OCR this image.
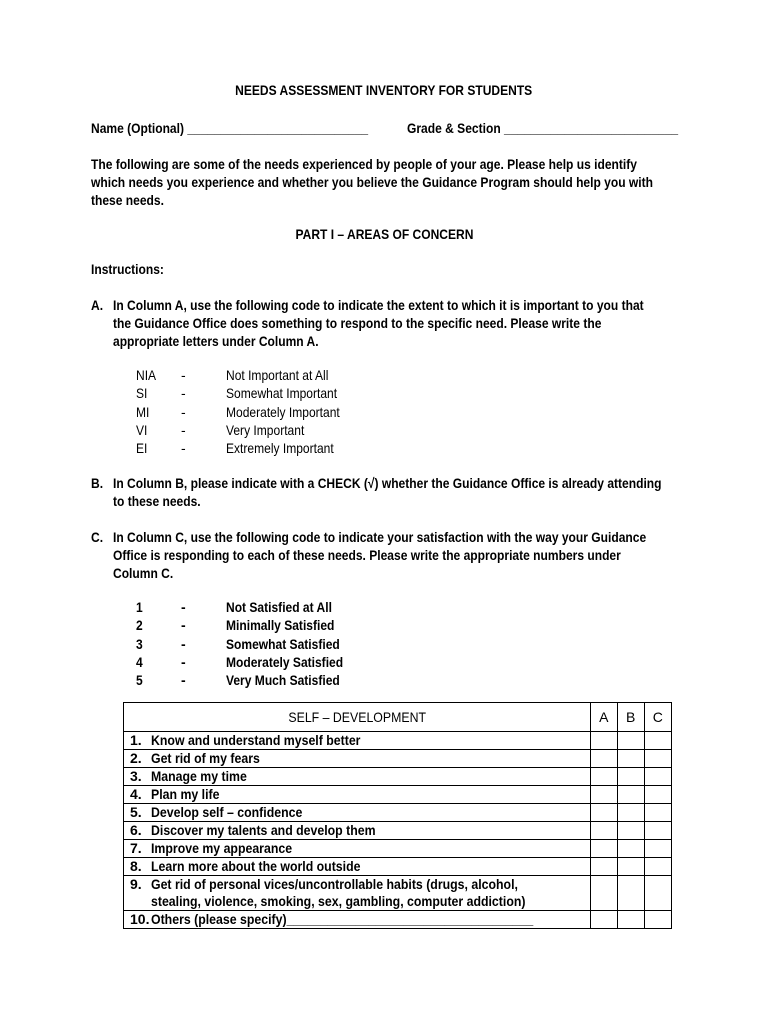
NEEDS ASSESSMENT INVENTORY FOR STUDENTS
Name (Optional) ___________________________	Grade & Section __________________________
The following are some of the needs experienced by people of your age. Please help us identify
which needs you experience and whether you believe the Guidance Program should help you with
these needs.
PART I – AREAS OF CONCERN
Instructions:
A. In Column A, use the following code to indicate the extent to which it is important to you that
the Guidance Office does something to respond to the specific need. Please write the
appropriate letters under Column A.
NIA -	Not Important at All
SI -	Somewhat Important
MI -	Moderately Important
VI -	Very Important
EI -	Extremely Important
B. In Column B, please indicate with a CHECK (√) whether the Guidance Office is already attending
to these needs.
C. In Column C, use the following code to indicate your satisfaction with the way your Guidance
Office is responding to each of these needs. Please write the appropriate numbers under
Column C.
1	-	Not Satisfied at All
2	-	Minimally Satisfied
3	-	Somewhat Satisfied
4	-	Moderately Satisfied
5	-	Very Much Satisfied
SELF – DEVELOPMENT		A	B	C
1.	Know and understand myself better			
2.	Get rid of my fears			
3.	Manage my time			
4.	Plan my life			
5.	Develop self – confidence			
6.	Discover my talents and develop them			
7.	Improve my appearance			
8.	Learn more about the world outside			
9.	Get rid of personal vices/uncontrollable habits (drugs, alcohol,
stealing, violence, smoking, sex, gambling, computer addiction)			
10.	Others (please specify)____________________________________			
